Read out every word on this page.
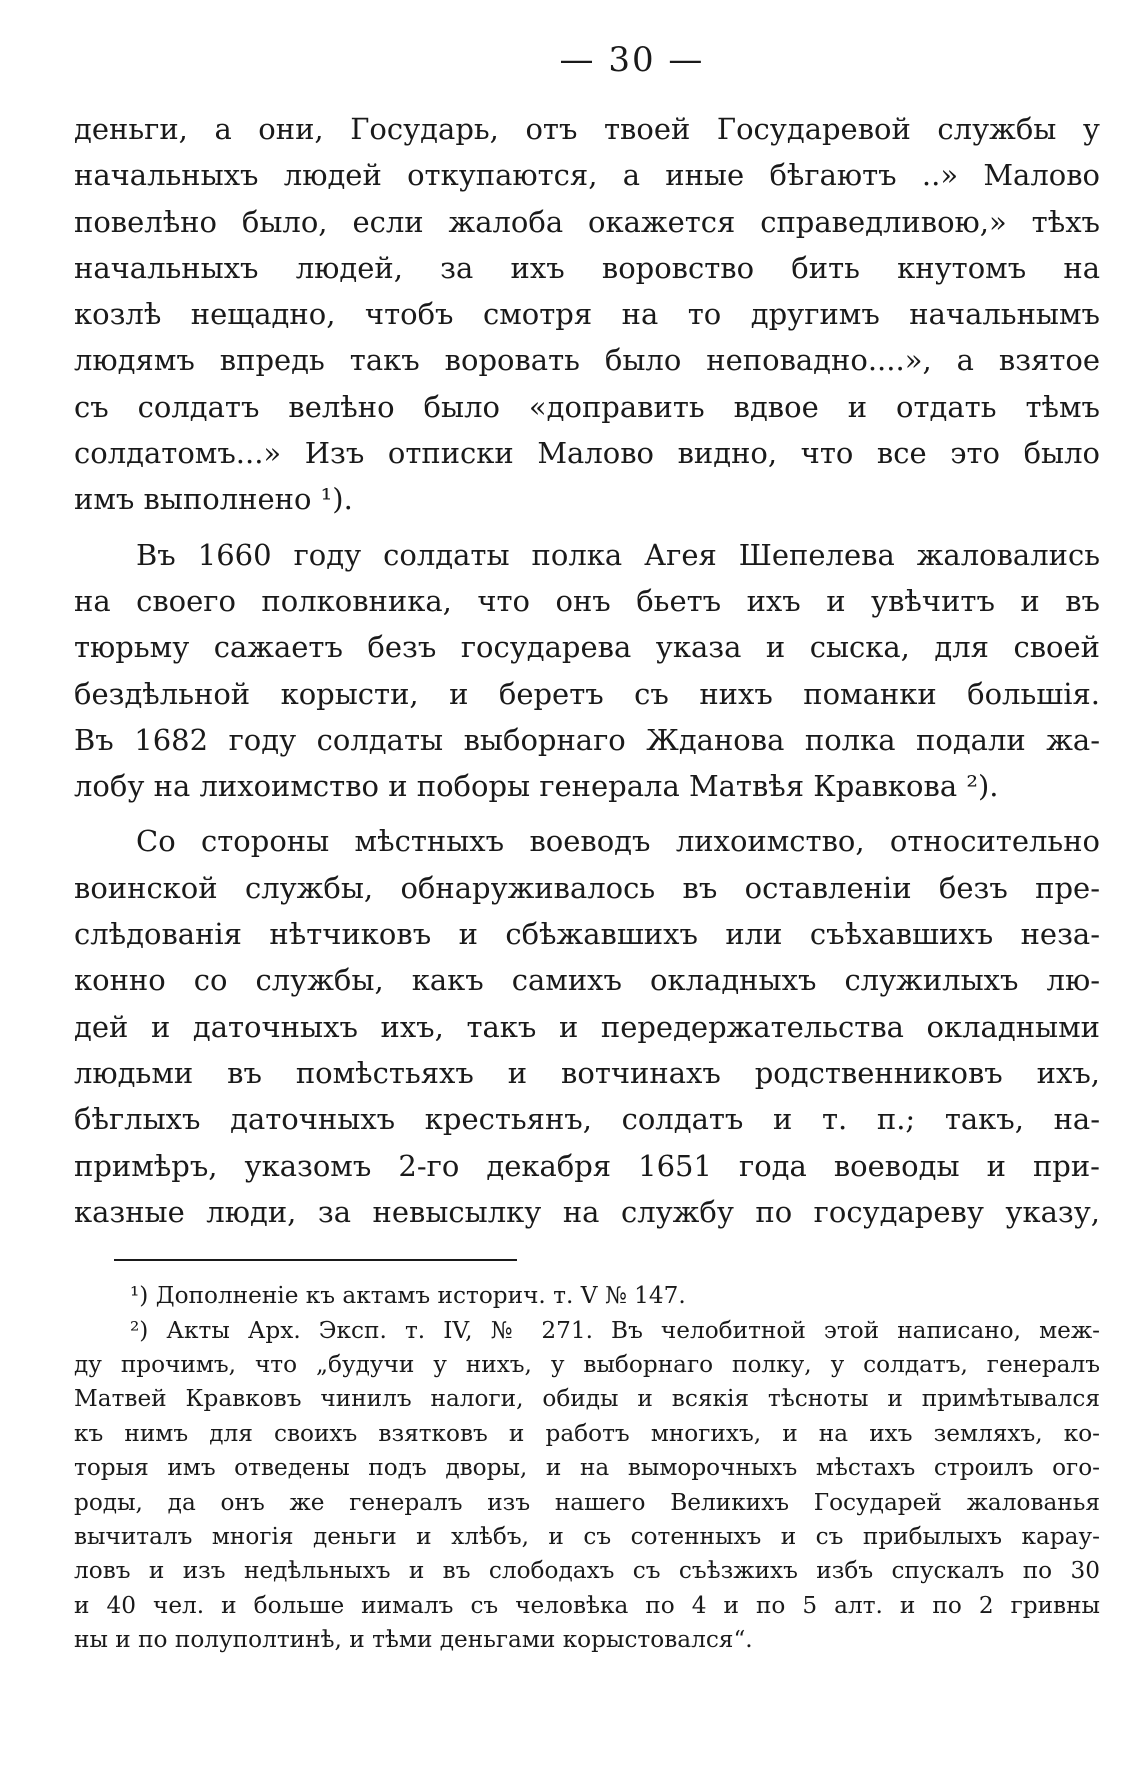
— 30 —
деньги, а они, Государь, отъ твоей Государевой службы у
начальныхъ людей откупаются, а иные бѣгаютъ ..» Малово
повелѣно было, если жалоба окажется справедливою,» тѣхъ
начальныхъ людей, за ихъ воровство бить кнутомъ на
козлѣ нещадно, чтобъ смотря на то другимъ начальнымъ
людямъ впредь такъ воровать было неповадно....», а взятое
съ солдатъ велѣно было «доправить вдвое и отдать тѣмъ
солдатомъ...» Изъ отписки Малово видно, что все это было
имъ выполнено ¹).
Въ 1660 году солдаты полка Агея Шепелева жаловались
на своего полковника, что онъ бьетъ ихъ и увѣчитъ и въ
тюрьму сажаетъ безъ государева указа и сыска, для своей
бездѣльной корысти, и беретъ съ нихъ поманки большія.
Въ 1682 году солдаты выборнаго Жданова полка подали жа-
лобу на лихоимство и поборы генерала Матвѣя Кравкова ²).
Со стороны мѣстныхъ воеводъ лихоимство, относительно
воинской службы, обнаруживалось въ оставленіи безъ пре-
слѣдованія нѣтчиковъ и сбѣжавшихъ или съѣхавшихъ неза-
конно со службы, какъ самихъ окладныхъ служилыхъ лю-
дей и даточныхъ ихъ, такъ и передержательства окладными
людьми въ помѣстьяхъ и вотчинахъ родственниковъ ихъ,
бѣглыхъ даточныхъ крестьянъ, солдатъ и т. п.; такъ, на-
примѣръ, указомъ 2-го декабря 1651 года воеводы и при-
казные люди, за невысылку на службу по государеву указу,
¹) Дополненіе къ актамъ историч. т. V № 147.
²) Акты Арх. Эксп. т. IV, № 271. Въ челобитной этой написано, меж-
ду прочимъ, что „будучи у нихъ, у выборнаго полку, у солдатъ, генералъ
Матвей Кравковъ чинилъ налоги, обиды и всякія тѣсноты и примѣтывался
къ нимъ для своихъ взятковъ и работъ многихъ, и на ихъ земляхъ, ко-
торыя имъ отведены подъ дворы, и на выморочныхъ мѣстахъ строилъ ого-
роды, да онъ же генералъ изъ нашего Великихъ Государей жалованья
вычиталъ многія деньги и хлѣбъ, и съ сотенныхъ и съ прибылыхъ карау-
ловъ и изъ недѣльныхъ и въ слободахъ съ съѣзжихъ избъ спускалъ по 30
и 40 чел. и больше иималъ съ человѣка по 4 и по 5 алт. и по 2 гривны
ны и по полуполтинѣ, и тѣми деньгами корыстовался“.
